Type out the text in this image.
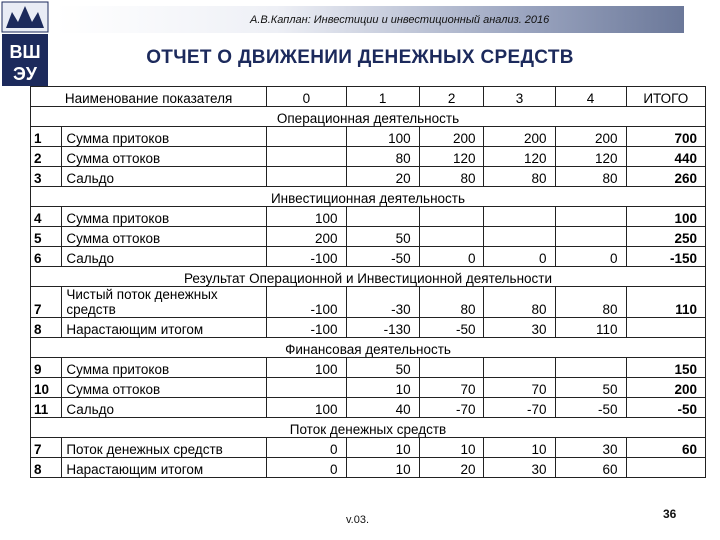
А.В.Каплан: Инвестиции и инвестиционный анализ. 2016
ВШ
ЭУ
ОТЧЕТ О ДВИЖЕНИИ ДЕНЕЖНЫХ СРЕДСТВ
Наименование показателя		0	1	2	3	4	ИТОГО
Операционная деятельность							
1	Сумма притоков		100	200	200	200	700
2	Сумма оттоков		80	120	120	120	440
3	Сальдо		20	80	80	80	260
Инвестиционная деятельность							
4	Сумма притоков	100					100
5	Сумма оттоков	200	50				250
6	Сальдо	-100	-50	0	0	0	-150
Результат Операционной и Инвестиционной деятельности							
7	Чистый поток денежных средств	-100	-30	80	80	80	110
8	Нарастающим итогом	-100	-130	-50	30	110	
Финансовая деятельность							
9	Сумма притоков	100	50				150
10	Сумма оттоков		10	70	70	50	200
11	Сальдо	100	40	-70	-70	-50	-50
Поток денежных средств							
7	Поток денежных средств	0	10	10	10	30	60
8	Нарастающим итогом	0	10	20	30	60	
v.03.	36
